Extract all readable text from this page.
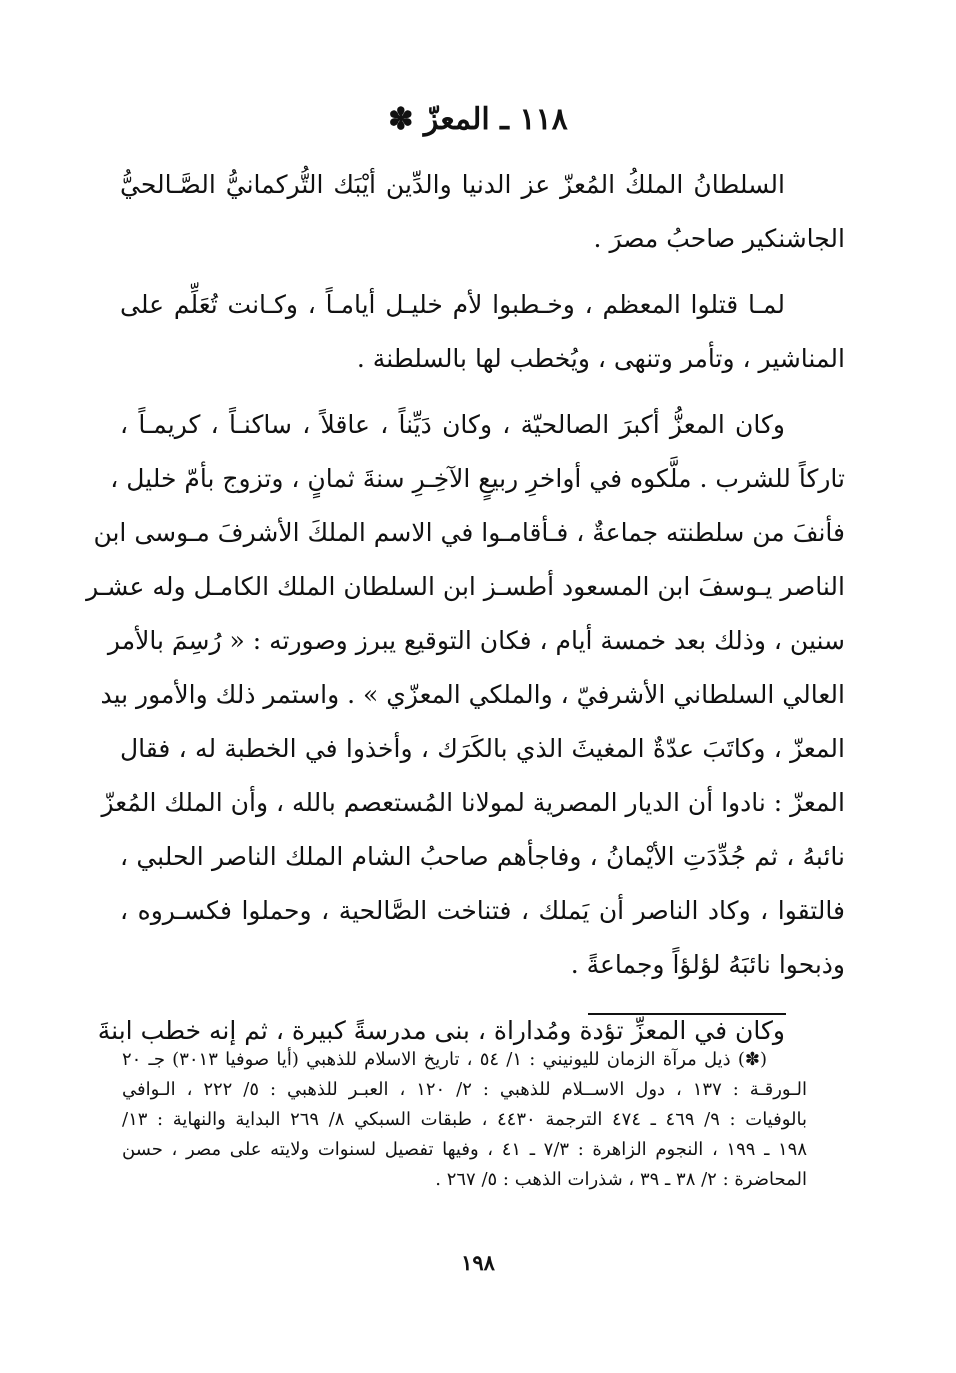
١١٨ ـ المعزّ ✽
السلطانُ الملكُ المُعزّ عز الدنيا والدِّين أيْبَك التُّركمانيُّ الصَّـالحيُّ
الجاشنكير صاحبُ مصرَ .
لمـا قتلوا المعظم ، وخـطبوا لأم خليـل أيامـاً ، وكـانت تُعَلِّم على
المناشير ، وتأمر وتنهى ، ويُخطب لها بالسلطنة .
وكان المعزُّ أكبرَ الصالحيّة ، وكان دَيِّناً ، عاقلاً ، ساكنـاً ، كريمـاً ،
تاركاً للشرب . ملَّكوه في أواخرِ ربيعٍ الآخِـرِ سنةَ ثمانٍ ، وتزوج بأمّ خليل ،
فأنفَ من سلطنته جماعةٌ ، فـأقامـوا في الاسم الملكَ الأشرفَ مـوسى ابن
الناصر يـوسفَ ابن المسعود أطسـز ابن السلطان الملك الكامـل وله عشـر
سنين ، وذلك بعد خمسة أيام ، فكان التوقيع يبرز وصورته : « رُسِمَ بالأمر
العالي السلطاني الأشرفيّ ، والملكي المعزّي » . واستمر ذلك والأمور بيد
المعزّ ، وكاتَبَ عدّةٌ المغيثَ الذي بالكَرَك ، وأخذوا في الخطبة له ، فقال
المعزّ : نادوا أن الديار المصرية لمولانا المُستعصم بالله ، وأن الملك المُعزّ
نائبهُ ، ثم جُدِّدَتِ الأيْمانُ ، وفاجأهم صاحبُ الشام الملك الناصر الحلبي ،
فالتقوا ، وكاد الناصر أن يَملك ، فتناخت الصَّالحية ، وحملوا فكسـروه ،
وذبحوا نائبَهُ لؤلؤاً وجماعةً .
وكان في المعزِّ تؤدة ومُداراة ، بنى مدرسةً كبيرة ، ثم إنه خطب ابنةَ
(✽) ذيل مرآة الزمان لليونيني : ١/ ٥٤ ، تاريخ الاسلام للذهبي (أيا صوفيا ٣٠١٣) جـ ٢٠
الـورقـة : ١٣٧ ، دول الاســلام للذهبي : ٢/ ١٢٠ ، العبـر للذهبي : ٥/ ٢٢٢ ، الـوافي
بالوفيات : ٩/ ٤٦٩ ـ ٤٧٤ الترجمة ٤٤٣٠ ، طبقات السبكي ٨/ ٢٦٩ البداية والنهاية : ١٣/
١٩٨ ـ ١٩٩ ، النجوم الزاهرة : ٧/٣ ـ ٤١ ، وفيها تفصيل لسنوات ولايته على مصر ، حسن
المحاضرة : ٢/ ٣٨ ـ ٣٩ ، شذرات الذهب : ٥/ ٢٦٧ .
١٩٨
